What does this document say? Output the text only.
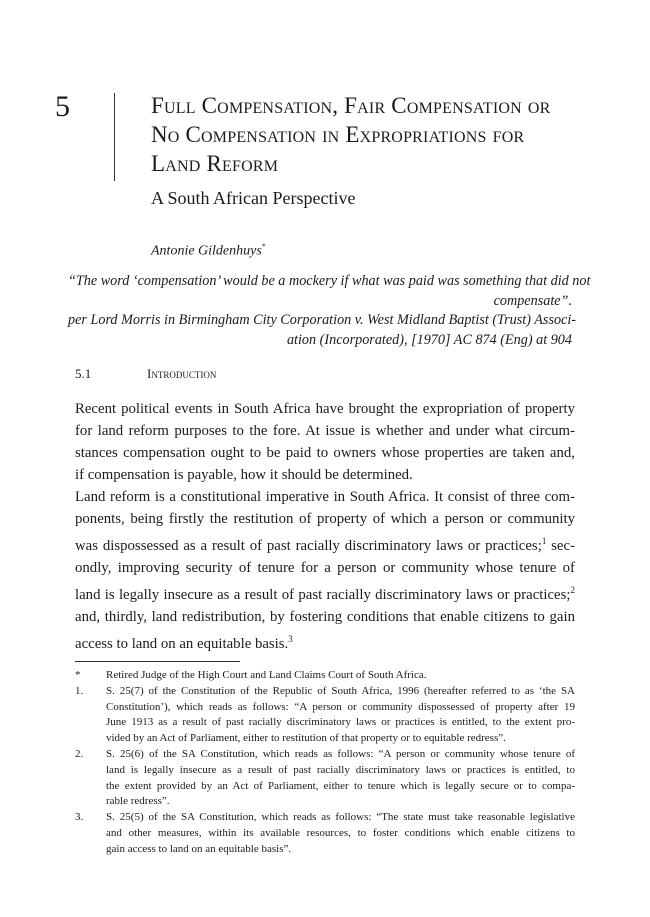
5	Full Compensation, Fair Compensation or
No Compensation in Expropriations for
Land Reform
A South African Perspective
Antonie Gildenhuys*
“The word ‘compensation’ would be a mockery if what was paid was something that did not
compensate”.
per Lord Morris in Birmingham City Corporation v. West Midland Baptist (Trust) Associ-
ation (Incorporated), [1970] AC 874 (Eng) at 904
5.1	Introduction
Recent political events in South Africa have brought the expropriation of property
for land reform purposes to the fore. At issue is whether and under what circum-
stances compensation ought to be paid to owners whose properties are taken and,
if compensation is payable, how it should be determined.
Land reform is a constitutional imperative in South Africa. It consist of three com-
ponents, being firstly the restitution of property of which a person or community
was dispossessed as a result of past racially discriminatory laws or practices;$^1$ sec-
ondly, improving security of tenure for a person or community whose tenure of
land is legally insecure as a result of past racially discriminatory laws or practices;$^2$
and, thirdly, land redistribution, by fostering conditions that enable citizens to gain
access to land on an equitable basis.$^3$
*	Retired Judge of the High Court and Land Claims Court of South Africa.
1.	S. 25(7) of the Constitution of the Republic of South Africa, 1996 (hereafter referred to as ‘the SA
Constitution’), which reads as follows: “A person or community dispossessed of property after 19
June 1913 as a result of past racially discriminatory laws or practices is entitled, to the extent pro-
vided by an Act of Parliament, either to restitution of that property or to equitable redress”.
2.	S. 25(6) of the SA Constitution, which reads as follows: “A person or community whose tenure of
land is legally insecure as a result of past racially discriminatory laws or practices is entitled, to
the extent provided by an Act of Parliament, either to tenure which is legally secure or to compa-
rable redress”.
3.	S. 25(5) of the SA Constitution, which reads as follows: “The state must take reasonable legislative
and other measures, within its available resources, to foster conditions which enable citizens to
gain access to land on an equitable basis”.
